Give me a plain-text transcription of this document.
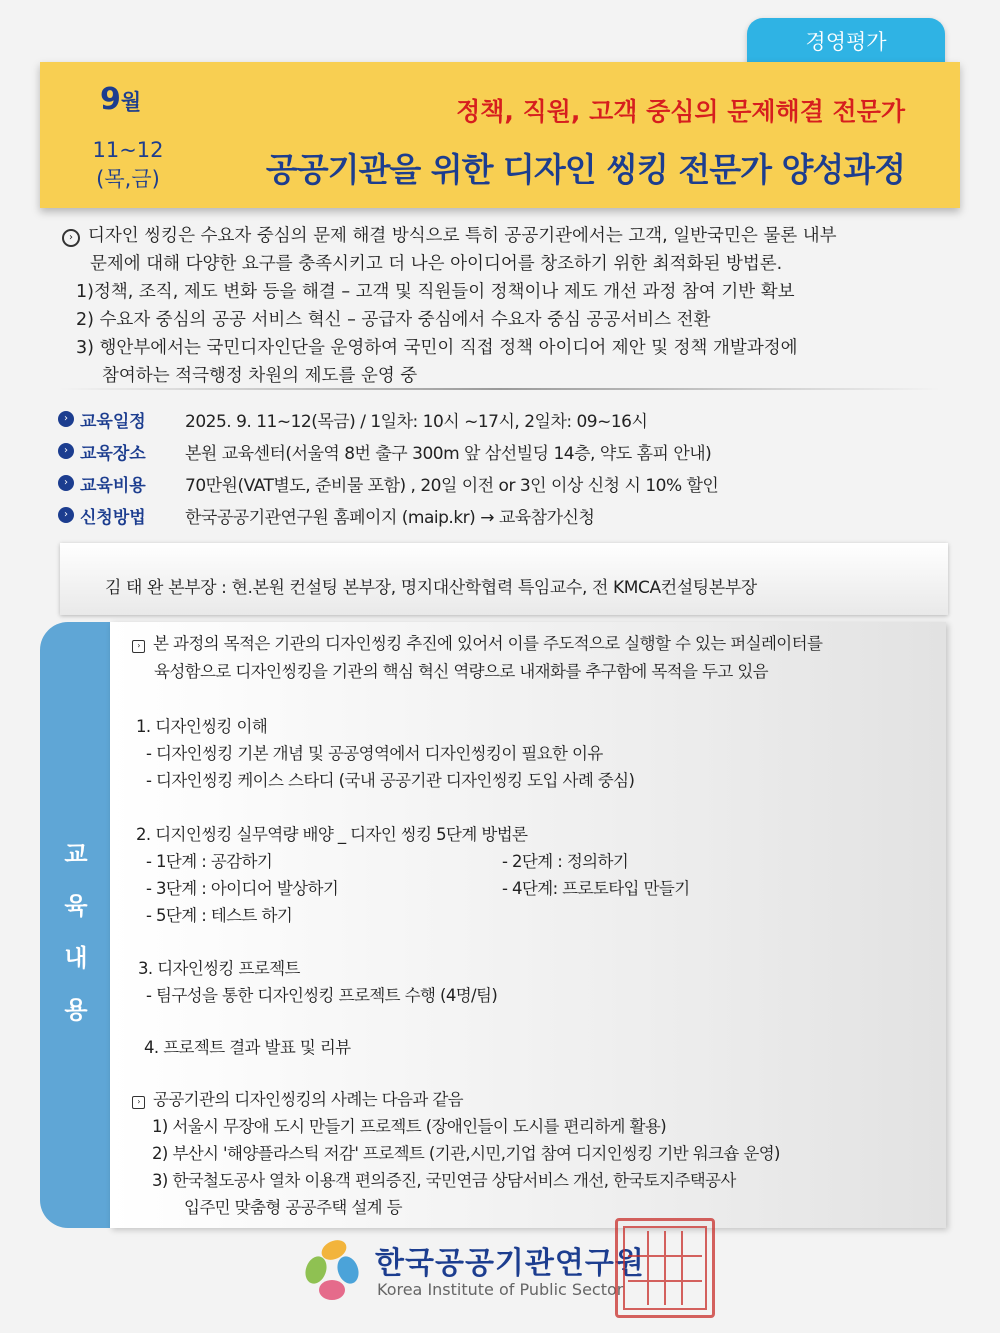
경영평가
9월
11~12
(목,금)
정책, 직원, 고객 중심의 문제해결 전문가
공공기관을 위한 디자인 씽킹 전문가 양성과정

› 디자인 씽킹은 수요자 중심의 문제 해결 방식으로 특히 공공기관에서는 고객, 일반국민은 물론 내부

문제에 대해 다양한 요구를 충족시키고 더 나은 아이디어를 창조하기 위한 최적화된 방법론.

1)정책, 조직, 제도 변화 등을 해결 – 고객 및 직원들이 정책이나 제도 개선 과정 참여 기반 확보

2) 수요자 중심의 공공 서비스 혁신 – 공급자 중심에서 수요자 중심 공공서비스 전환

3) 행안부에서는 국민디자인단을 운영하여 국민이 직접 정책 아이디어 제안 및 정책 개발과정에

참여하는 적극행정 차원의 제도를 운영 중

› 교육일정 2025. 9. 11~12(목금) / 1일차: 10시 ~17시, 2일차: 09~16시
› 교육장소 본원 교육센터(서울역 8번 출구 300m 앞 삼선빌딩 14층, 약도 홈피 안내)
› 교육비용 70만원(VAT별도, 준비물 포함) , 20일 이전 or 3인 이상 신청 시 10% 할인
› 신청방법 한국공공기관연구원 홈페이지 (maip.kr) → 교육참가신청
김 태 완 본부장 : 현.본원 컨설팅 본부장, 명지대산학협력 특임교수, 전 KMCA컨설팅본부장
교
육
내
용
› 본 과정의 목적은 기관의 디자인씽킹 추진에 있어서 이를 주도적으로 실행할 수 있는 퍼실레이터를
육성함으로 디자인씽킹을 기관의 핵심 혁신 역량으로 내재화를 추구함에 목적을 두고 있음
1. 디자인씽킹 이해
- 디자인씽킹 기본 개념 및 공공영역에서 디자인씽킹이 필요한 이유
- 디자인씽킹 케이스 스타디 (국내 공공기관 디자인씽킹 도입 사례 중심)
2. 디지인씽킹 실무역량 배양 _ 디자인 씽킹 5단계 방법론
- 1단계 : 공감하기	- 2단계 : 정의하기
- 3단계 : 아이디어 발상하기	- 4단계: 프로토타입 만들기
- 5단계 : 테스트 하기
3. 디자인씽킹 프로젝트
- 팀구성을 통한 디자인씽킹 프로젝트 수행 (4명/팀)
4. 프로젝트 결과 발표 및 리뷰
› 공공기관의 디자인씽킹의 사례는 다음과 같음
1) 서울시 무장애 도시 만들기 프로젝트 (장애인들이 도시를 편리하게 활용)
2) 부산시 '해양플라스틱 저감' 프로젝트 (기관,시민,기업 참여 디지인씽킹 기반 워크숍 운영)
3) 한국철도공사 열차 이용객 편의증진, 국민연금 상담서비스 개선, 한국토지주택공사
입주민 맞춤형 공공주택 설계 등
한국공공기관연구원
Korea Institute of Public Sector
